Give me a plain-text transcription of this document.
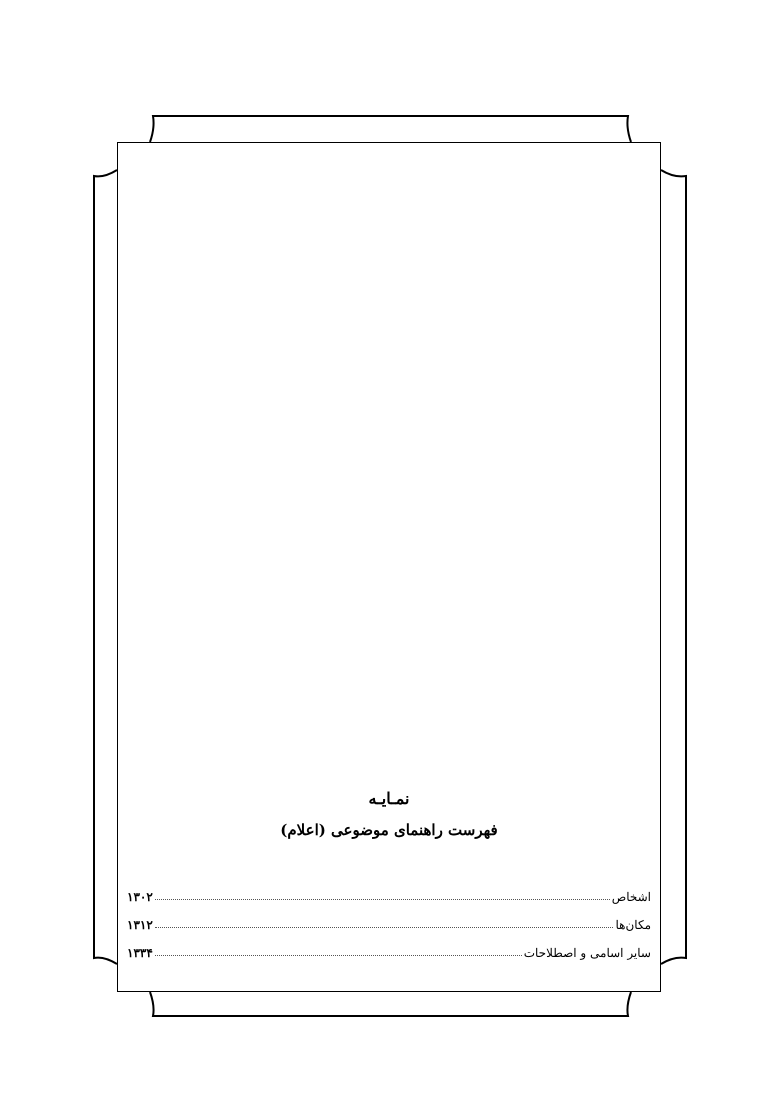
نمـایـه
فهرست راهنمای موضوعی (اعلام)
اشخاص
۱۳۰۲
مکان‌ها
۱۳۱۲
سایر اسامی و اصطلاحات
۱۳۳۴
